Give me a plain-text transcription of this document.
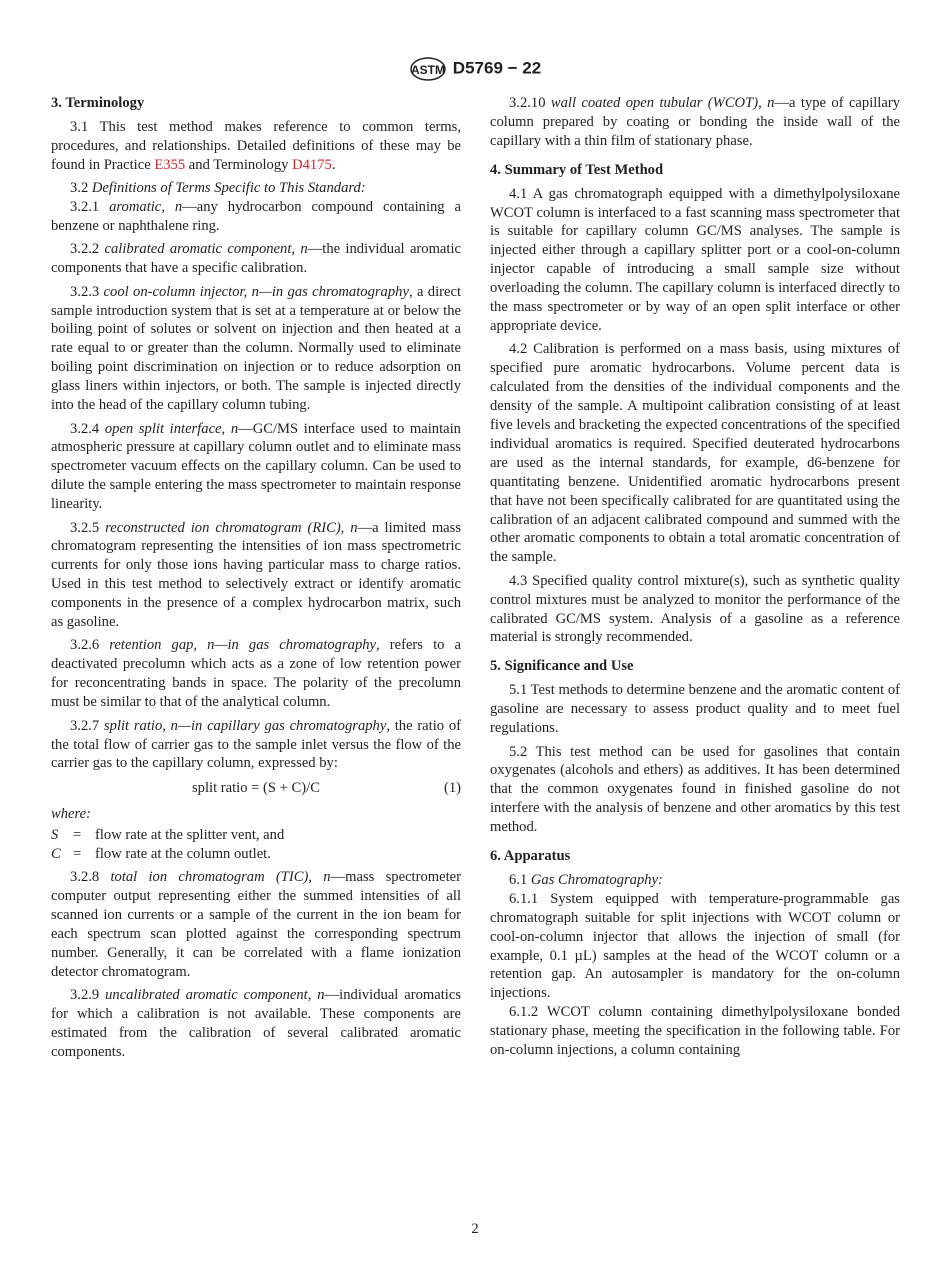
ASTM D5769 − 22
3. Terminology

3.1 This test method makes reference to common terms, procedures, and relationships. Detailed definitions of these may be found in Practice E355 and Terminology D4175.

3.2 Definitions of Terms Specific to This Standard:

3.2.1 aromatic, n—any hydrocarbon compound containing a benzene or naphthalene ring.

3.2.2 calibrated aromatic component, n—the individual aromatic components that have a specific calibration.

3.2.3 cool on-column injector, n—in gas chromatography, a direct sample introduction system that is set at a temperature at or below the boiling point of solutes or solvent on injection and then heated at a rate equal to or greater than the column. Normally used to eliminate boiling point discrimination on injection or to reduce adsorption on glass liners within injectors, or both. The sample is injected directly into the head of the capillary column tubing.

3.2.4 open split interface, n—GC/MS interface used to maintain atmospheric pressure at capillary column outlet and to eliminate mass spectrometer vacuum effects on the capillary column. Can be used to dilute the sample entering the mass spectrometer to maintain response linearity.

3.2.5 reconstructed ion chromatogram (RIC), n—a limited mass chromatogram representing the intensities of ion mass spectrometric currents for only those ions having particular mass to charge ratios. Used in this test method to selectively extract or identify aromatic components in the presence of a complex hydrocarbon matrix, such as gasoline.

3.2.6 retention gap, n—in gas chromatography, refers to a deactivated precolumn which acts as a zone of low retention power for reconcentrating bands in space. The polarity of the precolumn must be similar to that of the analytical column.

3.2.7 split ratio, n—in capillary gas chromatography, the ratio of the total flow of carrier gas to the sample inlet versus the flow of the carrier gas to the capillary column, expressed by:

split ratio = (S + C)/C	(1)
where:
S	= flow rate at the splitter vent, and
C = flow rate at the column outlet.

3.2.8 total ion chromatogram (TIC), n—mass spectrometer computer output representing either the summed intensities of all scanned ion currents or a sample of the current in the ion beam for each spectrum scan plotted against the corresponding spectrum number. Generally, it can be correlated with a flame ionization detector chromatogram.

3.2.9 uncalibrated aromatic component, n—individual aromatics for which a calibration is not available. These components are estimated from the calibration of several calibrated aromatic components.

3.2.10 wall coated open tubular (WCOT), n—a type of capillary column prepared by coating or bonding the inside wall of the capillary with a thin film of stationary phase.

4. Summary of Test Method

4.1 A gas chromatograph equipped with a dimethylpolysiloxane WCOT column is interfaced to a fast scanning mass spectrometer that is suitable for capillary column GC/MS analyses. The sample is injected either through a capillary splitter port or a cool-on-column injector capable of introducing a small sample size without overloading the column. The capillary column is interfaced directly to the mass spectrometer or by way of an open split interface or other appropriate device.

4.2 Calibration is performed on a mass basis, using mixtures of specified pure aromatic hydrocarbons. Volume percent data is calculated from the densities of the individual components and the density of the sample. A multipoint calibration consisting of at least five levels and bracketing the expected concentrations of the specified individual aromatics is required. Specified deuterated hydrocarbons are used as the internal standards, for example, d6-benzene for quantitating benzene. Unidentified aromatic hydrocarbons present that have not been specifically calibrated for are quantitated using the calibration of an adjacent calibrated compound and summed with the other aromatic components to obtain a total aromatic concentration of the sample.

4.3 Specified quality control mixture(s), such as synthetic quality control mixtures must be analyzed to monitor the performance of the calibrated GC/MS system. Analysis of a gasoline as a reference material is strongly recommended.

5. Significance and Use

5.1 Test methods to determine benzene and the aromatic content of gasoline are necessary to assess product quality and to meet fuel regulations.

5.2 This test method can be used for gasolines that contain oxygenates (alcohols and ethers) as additives. It has been determined that the common oxygenates found in finished gasoline do not interfere with the analysis of benzene and other aromatics by this test method.

6. Apparatus

6.1 Gas Chromatography:

6.1.1 System equipped with temperature-programmable gas chromatograph suitable for split injections with WCOT column or cool-on-column injector that allows the injection of small (for example, 0.1 µL) samples at the head of the WCOT column or a retention gap. An autosampler is mandatory for the on-column injections.

6.1.2 WCOT column containing dimethylpolysiloxane bonded stationary phase, meeting the specification in the following table. For on-column injections, a column containing

2
